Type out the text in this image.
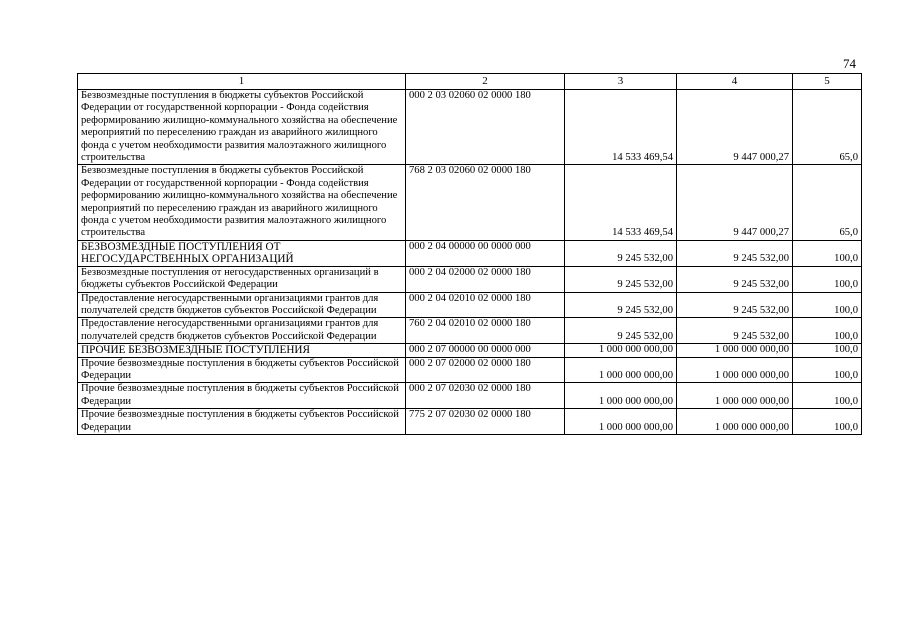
74
1	2	3	4	5
Безвозмездные поступления в бюджеты субъектов Российской Федерации от государственной корпорации - Фонда содействия реформированию жилищно-коммунального хозяйства на обеспечение мероприятий по переселению граждан из аварийного жилищного фонда с учетом необходимости развития малоэтажного жилищного строительства	000 2 03 02060 02 0000 180	14 533 469,54	9 447 000,27	65,0
Безвозмездные поступления в бюджеты субъектов Российской Федерации от государственной корпорации - Фонда содействия реформированию жилищно-коммунального хозяйства на обеспечение мероприятий по переселению граждан из аварийного жилищного фонда с учетом необходимости развития малоэтажного жилищного строительства	768 2 03 02060 02 0000 180	14 533 469,54	9 447 000,27	65,0
БЕЗВОЗМЕЗДНЫЕ ПОСТУПЛЕНИЯ ОТ НЕГОСУДАРСТВЕННЫХ ОРГАНИЗАЦИЙ	000 2 04 00000 00 0000 000	9 245 532,00	9 245 532,00	100,0
Безвозмездные поступления от негосударственных организаций в бюджеты субъектов Российской Федерации	000 2 04 02000 02 0000 180	9 245 532,00	9 245 532,00	100,0
Предоставление негосударственными организациями грантов для получателей средств бюджетов субъектов Российской Федерации	000 2 04 02010 02 0000 180	9 245 532,00	9 245 532,00	100,0
Предоставление негосударственными организациями грантов для получателей средств бюджетов субъектов Российской Федерации	760 2 04 02010 02 0000 180	9 245 532,00	9 245 532,00	100,0
ПРОЧИЕ БЕЗВОЗМЕЗДНЫЕ ПОСТУПЛЕНИЯ	000 2 07 00000 00 0000 000	1 000 000 000,00	1 000 000 000,00	100,0
Прочие безвозмездные поступления в бюджеты субъектов Российской Федерации	000 2 07 02000 02 0000 180	1 000 000 000,00	1 000 000 000,00	100,0
Прочие безвозмездные поступления в бюджеты субъектов Российской Федерации	000 2 07 02030 02 0000 180	1 000 000 000,00	1 000 000 000,00	100,0
Прочие безвозмездные поступления в бюджеты субъектов Российской Федерации	775 2 07 02030 02 0000 180	1 000 000 000,00	1 000 000 000,00	100,0
